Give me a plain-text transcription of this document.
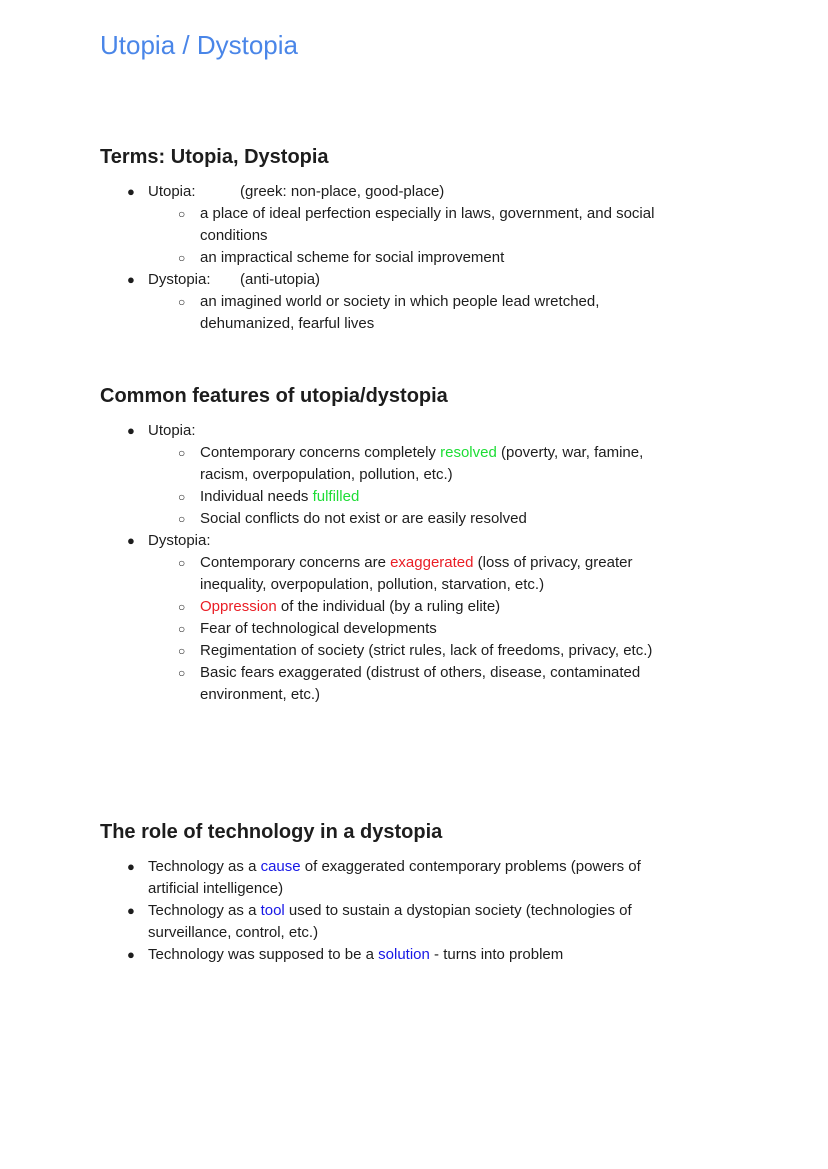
Utopia / Dystopia
Terms: Utopia, Dystopia
● Utopia:	(greek: non-place, good-place)
○ a place of ideal perfection especially in laws, government, and social
conditions
○ an impractical scheme for social improvement
● Dystopia:	(anti-utopia)
○ an imagined world or society in which people lead wretched,
dehumanized, fearful lives
Common features of utopia/dystopia
● Utopia:
○ Contemporary concerns completely resolved (poverty, war, famine,
racism, overpopulation, pollution, etc.)
○ Individual needs fulfilled
○ Social conflicts do not exist or are easily resolved
● Dystopia:
○ Contemporary concerns are exaggerated (loss of privacy, greater
inequality, overpopulation, pollution, starvation, etc.)
○ Oppression of the individual (by a ruling elite)
○ Fear of technological developments
○ Regimentation of society (strict rules, lack of freedoms, privacy, etc.)
○ Basic fears exaggerated (distrust of others, disease, contaminated
environment, etc.)
The role of technology in a dystopia
● Technology as a cause of exaggerated contemporary problems (powers of
artificial intelligence)
● Technology as a tool used to sustain a dystopian society (technologies of
surveillance, control, etc.)
● Technology was supposed to be a solution - turns into problem
